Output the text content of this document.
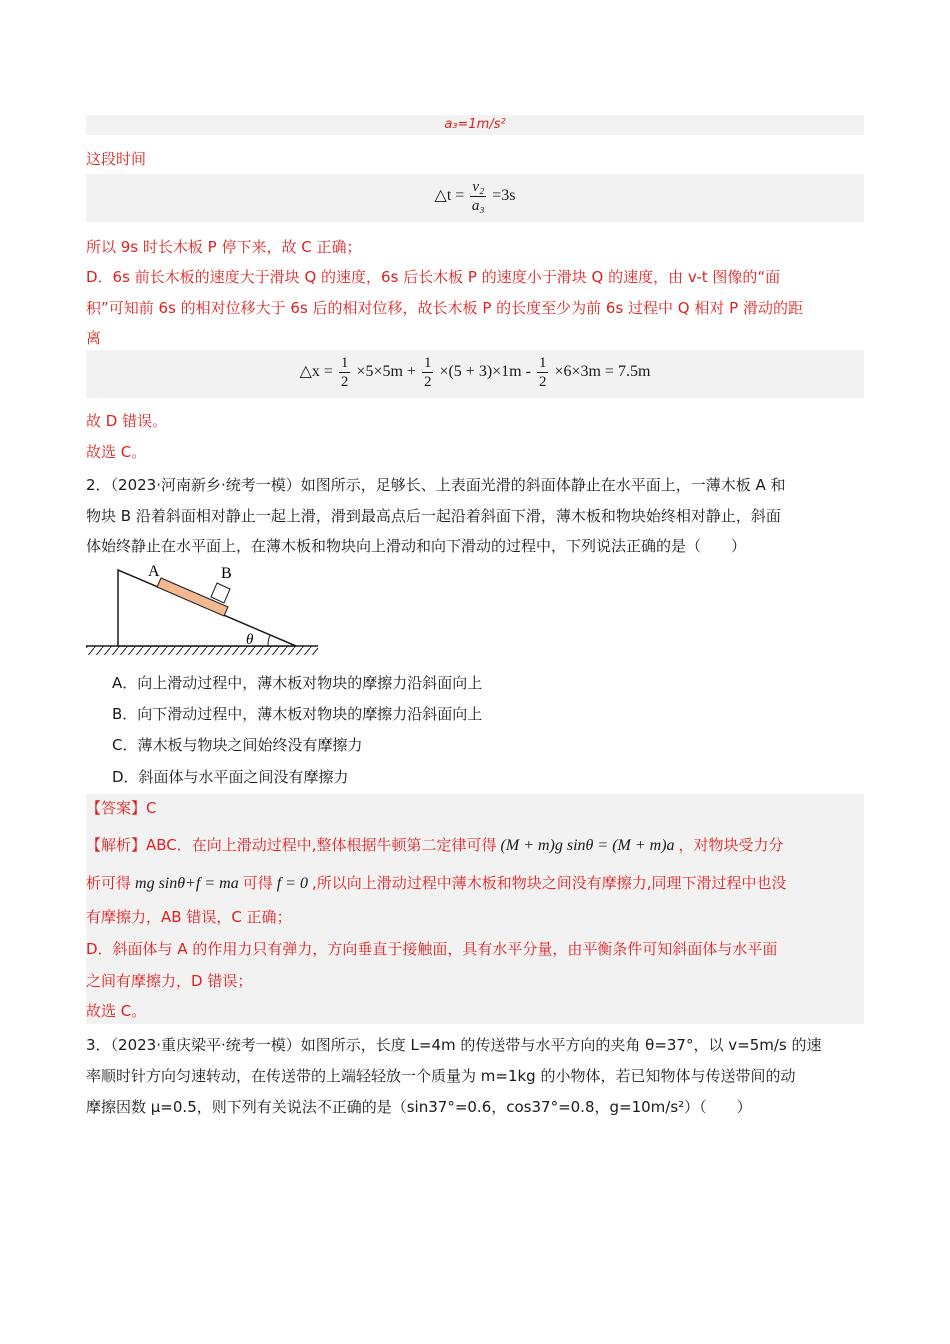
a₃=1m/s²
这段时间
△t = $\frac{\text{v₂}}{\text{a₃}} =3s$
所以 9s 时长木板 P 停下来，故 C 正确；
D．6s 前长木板的速度大于滑块 Q 的速度，6s 后长木板 P 的速度小于滑块 Q 的速度，由 v-t 图像的“面
积”可知前 6s 的相对位移大于 6s 后的相对位移，故长木板 P 的长度至少为前 6s 过程中 Q 相对 P 滑动的距
离
△x = $\frac{1}{2} \times 5\times 5m + \frac{1}{2} \times(5 + 3)\times 1m - \frac{1}{2} \times 6\times 3m = 7.5m$
故 D 错误。
故选 C。
2．（2023·河南新乡·统考一模）如图所示，足够长、上表面光滑的斜面体静止在水平面上，一薄木板 A 和
物块 B 沿着斜面相对静止一起上滑，滑到最高点后一起沿着斜面下滑，薄木板和物块始终相对静止，斜面
体始终静止在水平面上，在薄木板和物块向上滑动和向下滑动的过程中，下列说法正确的是（　　）
θ
A	B
A．向上滑动过程中，薄木板对物块的摩擦力沿斜面向上
B．向下滑动过程中，薄木板对物块的摩擦力沿斜面向上
C．薄木板与物块之间始终没有摩擦力
D．斜面体与水平面之间没有摩擦力
【答案】C
【解析】ABC．在向上滑动过程中,整体根据牛顿第二定律可得 (M + m)g sinθ = (M + m)a ，对物块受力分
析可得 mg sinθ+f = ma 可得 f = 0 ,所以向上滑动过程中薄木板和物块之间没有摩擦力,同理下滑过程中也没
有摩擦力，AB 错误，C 正确；
D．斜面体与 A 的作用力只有弹力，方向垂直于接触面，具有水平分量，由平衡条件可知斜面体与水平面
之间有摩擦力，D 错误；
故选 C。
3．（2023·重庆梁平·统考一模）如图所示，长度 L=4m 的传送带与水平方向的夹角 θ=37°，以 v=5m/s 的速
率顺时针方向匀速转动，在传送带的上端轻轻放一个质量为 m=1kg 的小物体，若已知物体与传送带间的动
摩擦因数 μ=0.5，则下列有关说法不正确的是（sin37°=0.6，cos37°=0.8，g=10m/s²）（　　）
